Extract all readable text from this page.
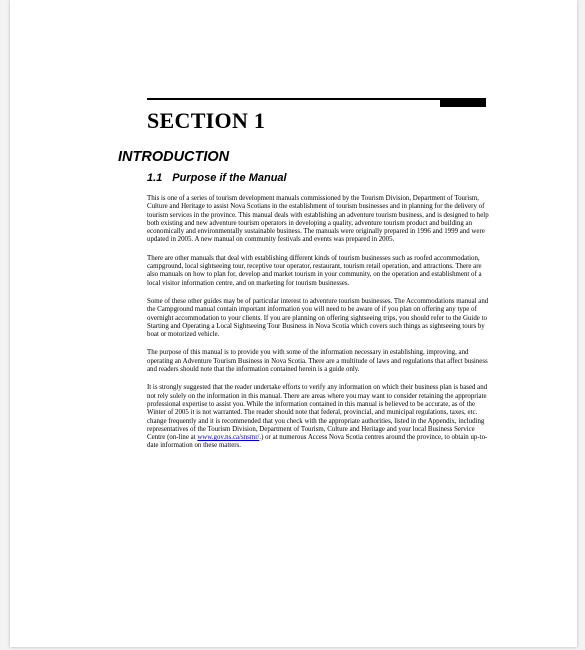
SECTION 1
INTRODUCTION
1.1 Purpose if the Manual

This is one of a series of tourism development manuals commissioned by the Tourism Division, Department of Tourism, Culture and Heritage to assist Nova Scotians in the establishment of tourism businesses and in planning for the delivery of tourism services in the province. This manual deals with establishing an adventure tourism business, and is designed to help both existing and new adventure tourism operators in developing a quality, adventure tourism product and building an economically and environmentally sustainable business. The manuals were originally prepared in 1996 and 1999 and were updated in 2005. A new manual on community festivals and events was prepared in 2005.

There are other manuals that deal with establishing different kinds of tourism businesses such as roofed accommodation, campground, local sightseeing tour, receptive tour operator, restaurant, tourism retail operation, and attractions. There are also manuals on how to plan for, develop and market tourism in your community, on the operation and establishment of a local visitor information centre, and on marketing for tourism businesses.

Some of these other guides may be of particular interest to adventure tourism businesses. The Accommodations manual and the Campground manual contain important information you will need to be aware of if you plan on offering any type of overnight accommodation to your clients. If you are planning on offering sightseeing trips, you should refer to the Guide to Starting and Operating a Local Sightseeing Tour Business in Nova Scotia which covers such things as sightseeing tours by boat or motorized vehicle.

The purpose of this manual is to provide you with some of the information necessary in establishing, improving, and operating an Adventure Tourism Business in Nova Scotia. There are a multitude of laws and regulations that affect business and readers should note that the information contained herein is a guide only.

It is strongly suggested that the reader undertake efforts to verify any information on which their business plan is based and not rely solely on the information in this manual. There are areas where you may want to consider retaining the appropriate professional expertise to assist you. While the information contained in this manual is believed to be accurate, as of the Winter of 2005 it is not warranted. The reader should note that federal, provincial, and municipal regulations, taxes, etc. change frequently and it is recommended that you check with the appropriate authorities, listed in the Appendix, including representatives of the Tourism Division, Department of Tourism, Culture and Heritage and your local Business Service Centre (on-line at www.gov.ns.ca/snsmr/.) or at numerous Access Nova Scotia centres around the province, to obtain up-to-date information on these matters.
